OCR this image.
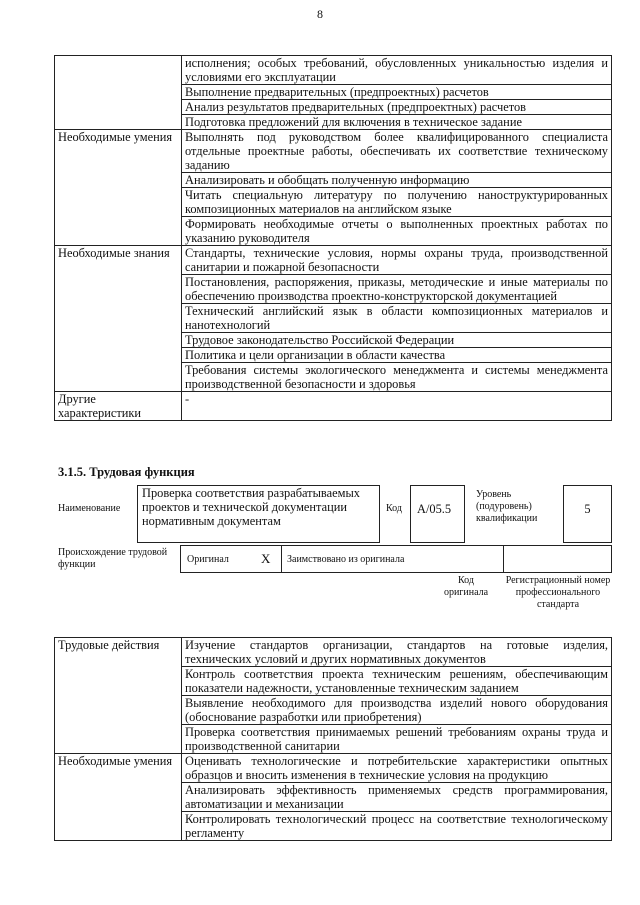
8
	исполнения; особых требований, обусловленных уникальностью изделия и условиями его эксплуатации
	Выполнение предварительных (предпроектных) расчетов
	Анализ результатов предварительных (предпроектных) расчетов
	Подготовка предложений для включения в техническое задание
Необходимые умения	Выполнять под руководством более квалифицированного специалиста отдельные проектные работы, обеспечивать их соответствие техническому заданию
	Анализировать и обобщать полученную информацию
	Читать специальную литературу по получению наноструктурированных композиционных материалов на английском языке
	Формировать необходимые отчеты о выполненных проектных работах по указанию руководителя
Необходимые знания	Стандарты, технические условия, нормы охраны труда, производственной санитарии и пожарной безопасности
	Постановления, распоряжения, приказы, методические и иные материалы по обеспечению производства проектно-конструкторской документацией
	Технический английский язык в области композиционных материалов и нанотехнологий
	Трудовое законодательство Российской Федерации
	Политика и цели организации в области качества
	Требования системы экологического менеджмента и системы менеджмента производственной безопасности и здоровья
Другие характеристики	-
3.1.5. Трудовая функция
Наименование
Проверка соответствия разрабатываемых проектов и технической документации нормативным документам
Код	А/05.5
Уровень (подуровень) квалификации
5
Происхождение трудовой функции	Оригинал X Заимствовано из оригинала
Код оригинала
Регистрационный номер профессионального стандарта
Трудовые действия	Изучение стандартов организации, стандартов на готовые изделия, технических условий и других нормативных документов
	Контроль соответствия проекта техническим решениям, обеспечивающим показатели надежности, установленные техническим заданием
	Выявление необходимого для производства изделий нового оборудования (обоснование разработки или приобретения)
	Проверка соответствия принимаемых решений требованиям охраны труда и производственной санитарии
Необходимые умения	Оценивать технологические и потребительские характеристики опытных образцов и вносить изменения в технические условия на продукцию
	Анализировать эффективность применяемых средств программирования, автоматизации и механизации
	Контролировать технологический процесс на соответствие технологическому регламенту
